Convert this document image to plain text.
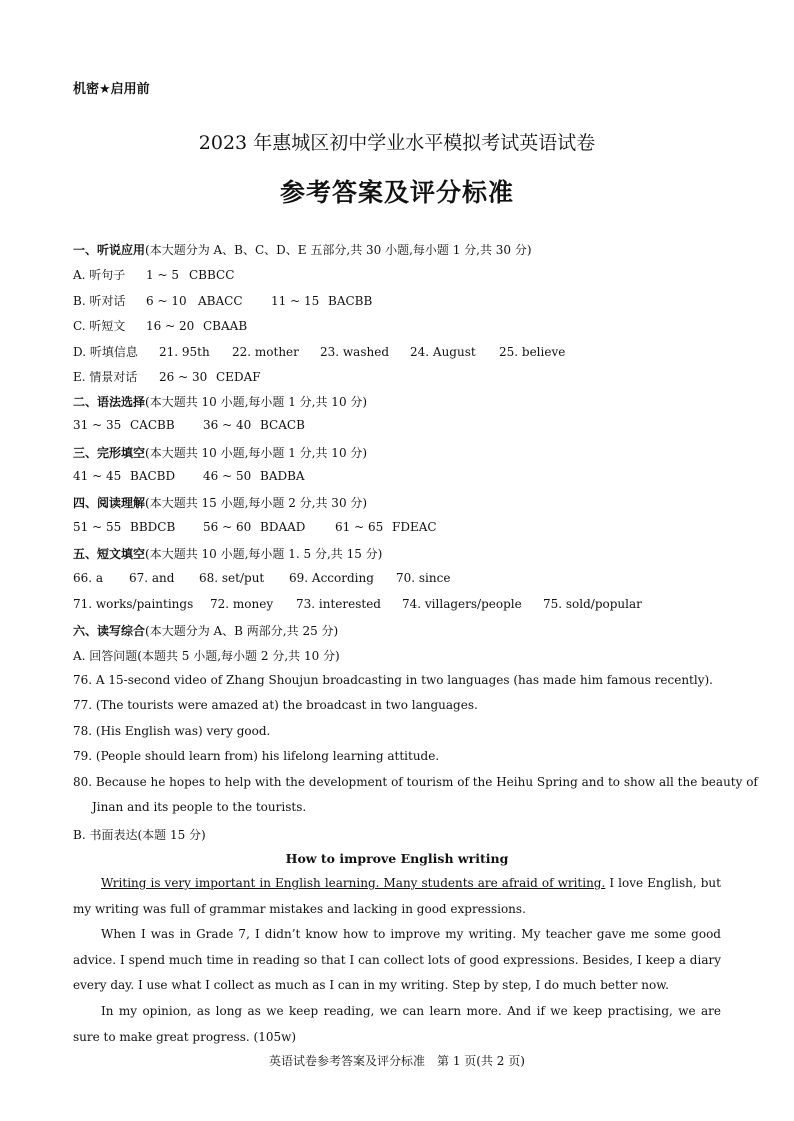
机密★启用前
2023 年惠城区初中学业水平模拟考试英语试卷
参考答案及评分标准
一、听说应用(本大题分为 A、B、C、D、E 五部分,共 30 小题,每小题 1 分,共 30 分)
A. 听句子 1 ~ 5 CBBCC
B. 听对话 6 ~ 10 ABACC 11 ~ 15 BACBB
C. 听短文 16 ~ 20 CBAAB
D. 听填信息 21. 95th 22. mother 23. washed 24. August 25. believe
E. 情景对话 26 ~ 30 CEDAF
二、语法选择(本大题共 10 小题,每小题 1 分,共 10 分)
31 ~ 35 CACBB 36 ~ 40 BCACB
三、完形填空(本大题共 10 小题,每小题 1 分,共 10 分)
41 ~ 45 BACBD 46 ~ 50 BADBA
四、阅读理解(本大题共 15 小题,每小题 2 分,共 30 分)
51 ~ 55 BBDCB 56 ~ 60 BDAAD 61 ~ 65 FDEAC
五、短文填空(本大题共 10 小题,每小题 1. 5 分,共 15 分)
66. a 67. and 68. set/put 69. According 70. since
71. works/paintings 72. money 73. interested 74. villagers/people 75. sold/popular
六、读写综合(本大题分为 A、B 两部分,共 25 分)
A. 回答问题(本题共 5 小题,每小题 2 分,共 10 分)
76. A 15-second video of Zhang Shoujun broadcasting in two languages (has made him famous recently).
77. (The tourists were amazed at) the broadcast in two languages.
78. (His English was) very good.
79. (People should learn from) his lifelong learning attitude.
80. Because he hopes to help with the development of tourism of the Heihu Spring and to show all the beauty of
Jinan and its people to the tourists.
B. 书面表达(本题 15 分)
How to improve English writing
Writing is very important in English learning. Many students are afraid of writing. I love English, but my writing was full of grammar mistakes and lacking in good expressions.
When I was in Grade 7, I didn’t know how to improve my writing. My teacher gave me some good advice. I spend much time in reading so that I can collect lots of good expressions. Besides, I keep a diary every day. I use what I collect as much as I can in my writing. Step by step, I do much better now.
In my opinion, as long as we keep reading, we can learn more. And if we keep practising, we are sure to make great progress. (105w)
英语试卷参考答案及评分标准　第 1 页(共 2 页)
